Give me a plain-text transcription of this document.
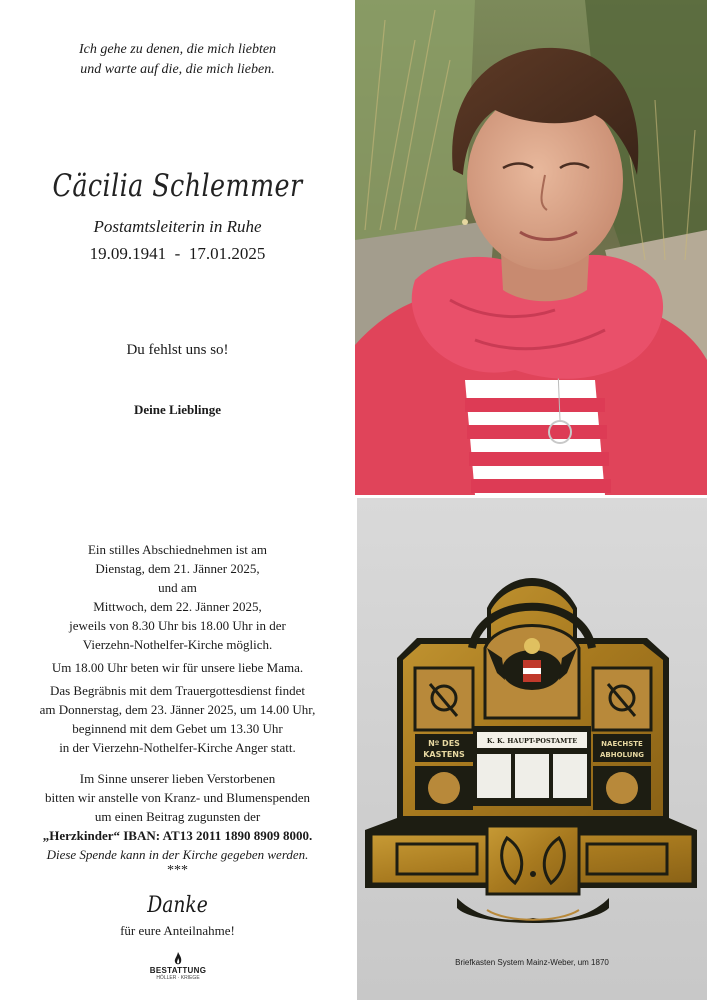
Ich gehe zu denen, die mich liebten
und warte auf die, die mich lieben.
Cäcilia Schlemmer
Postamtsleiterin in Ruhe
19.09.1941  -  17.01.2025
Du fehlst uns so!
Deine Lieblinge
Ein stilles Abschiednehmen ist am
Dienstag, dem 21. Jänner 2025,
und am
Mittwoch, dem 22. Jänner 2025,
jeweils von 8.30 Uhr bis 18.00 Uhr in der
Vierzehn-Nothelfer-Kirche möglich.
Um 18.00 Uhr beten wir für unsere liebe Mama.
Das Begräbnis mit dem Trauergottesdienst findet
am Donnerstag, dem 23. Jänner 2025, um 14.00 Uhr,
beginnend mit dem Gebet um 13.30 Uhr
in der Vierzehn-Nothelfer-Kirche Anger statt.
Im Sinne unserer lieben Verstorbenen
bitten wir anstelle von Kranz- und Blumenspenden
um einen Beitrag zugunsten der
„Herzkinder“ IBAN: AT13 2011 1890 8909 8000.
Diese Spende kann in der Kirche gegeben werden.
***
Danke
für eure Anteilnahme!
BESTATTUNG
HÖLLER · KRIEGE
Nº DES
KASTENS
NAECHSTE
ABHOLUNG
K. K. HAUPT-POSTAMTE
Briefkasten System Mainz-Weber, um 1870
